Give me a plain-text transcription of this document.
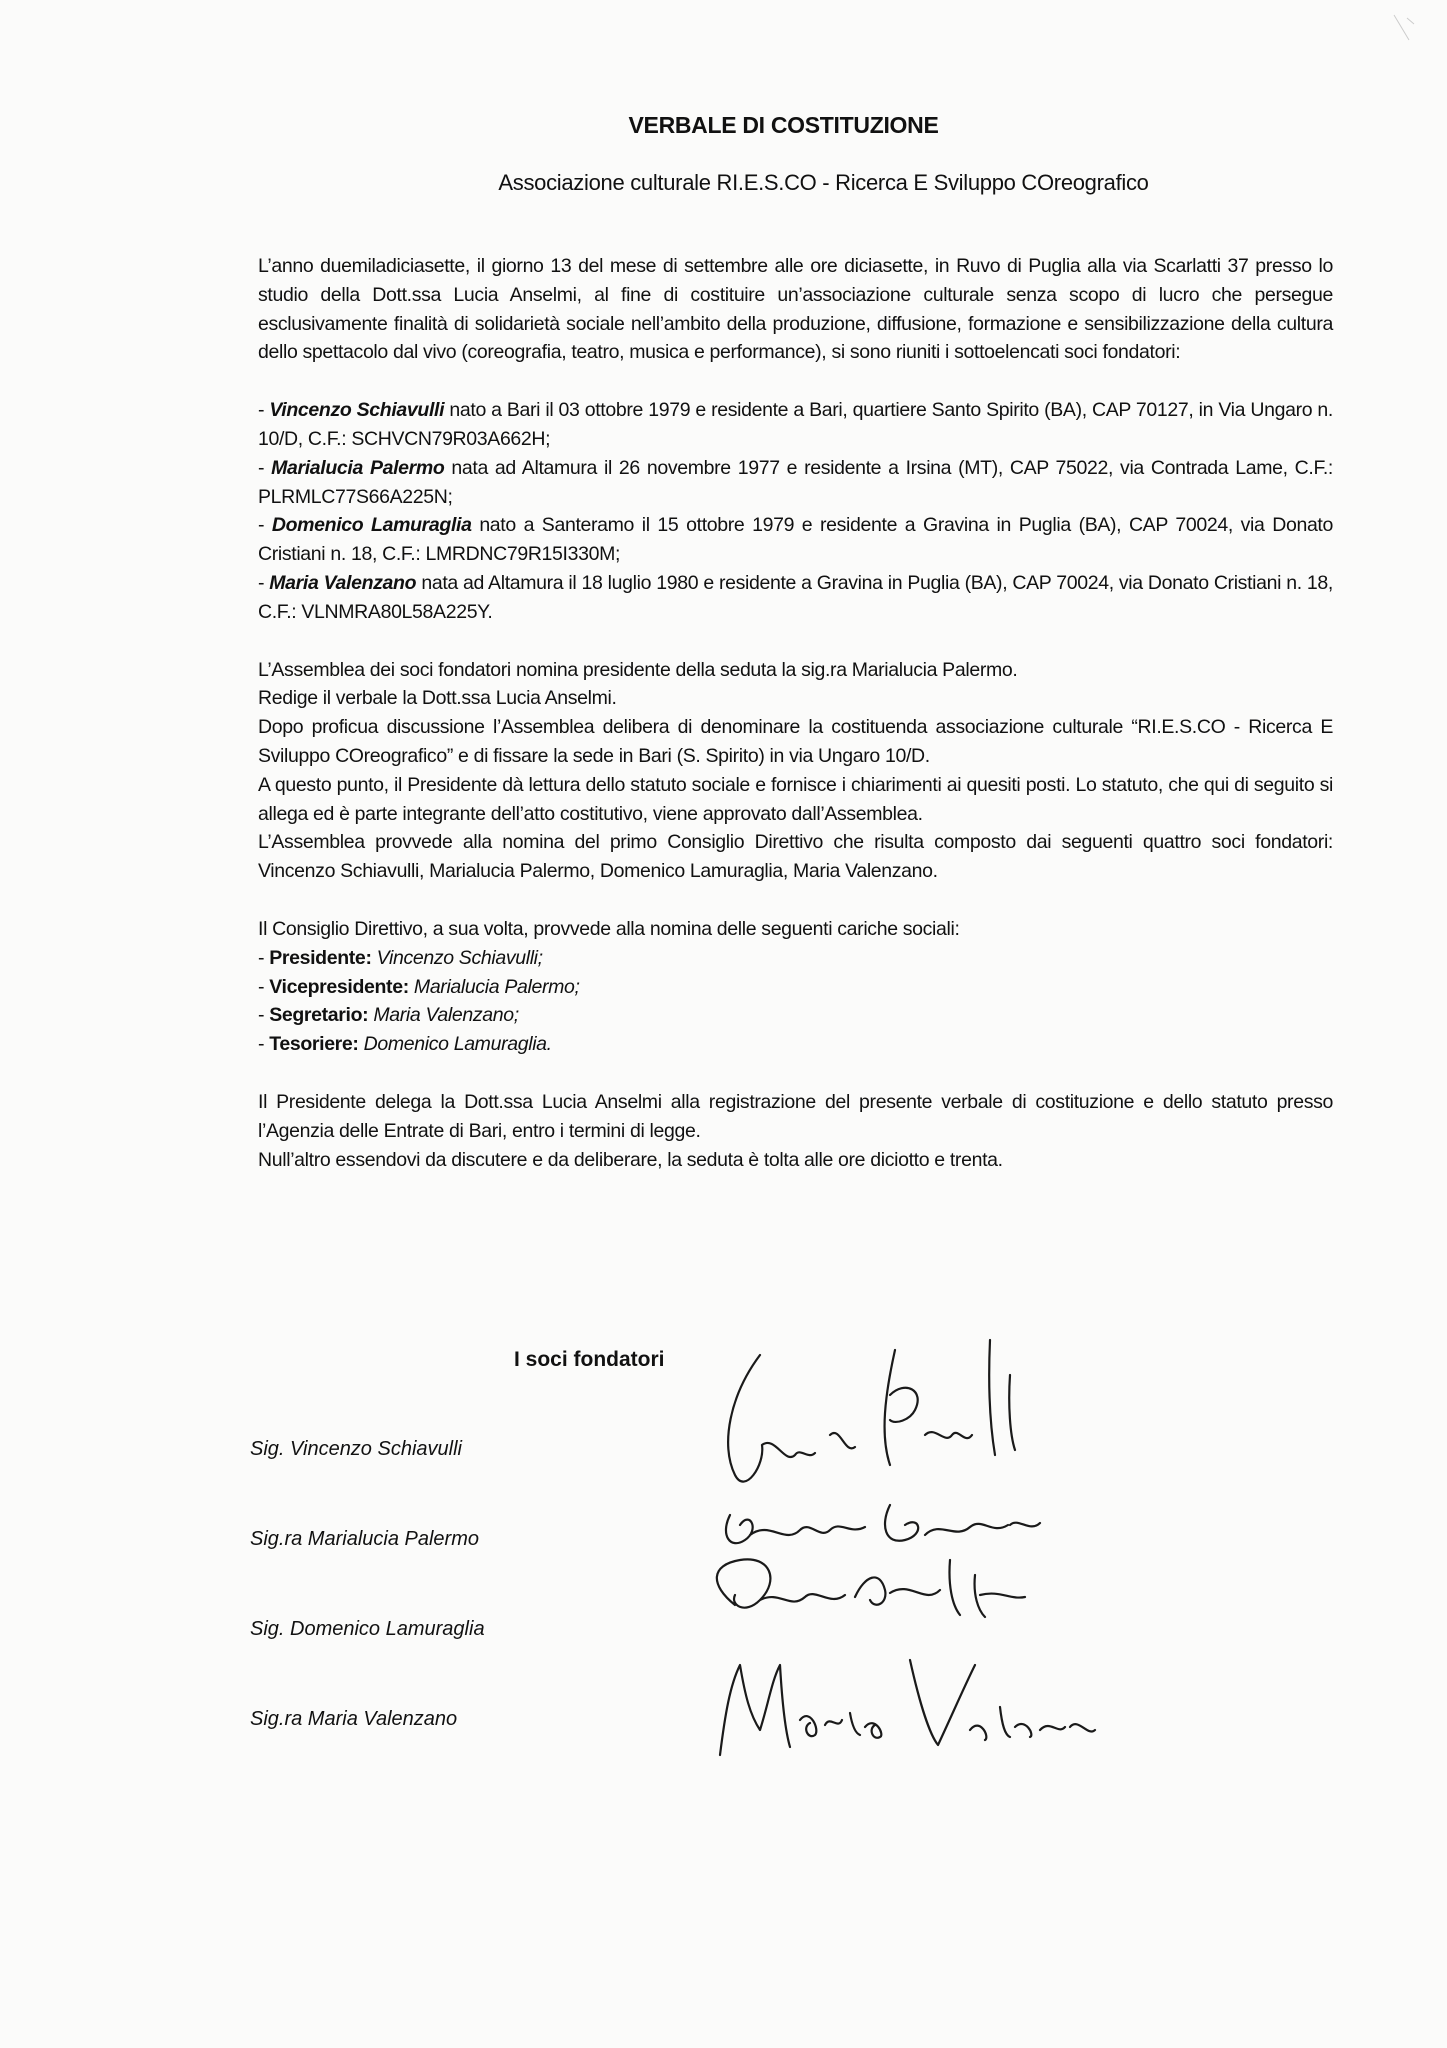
VERBALE DI COSTITUZIONE
Associazione culturale RI.E.S.CO - Ricerca E Sviluppo COreografico

L’anno duemiladiciasette, il giorno 13 del mese di settembre alle ore diciasette, in Ruvo di Puglia alla via Scarlatti 37 presso lo studio della Dott.ssa Lucia Anselmi, al fine di costituire un’associazione culturale senza scopo di lucro che persegue esclusivamente finalità di solidarietà sociale nell’ambito della produzione, diffusione, formazione e sensibilizzazione della cultura dello spettacolo dal vivo (coreografia, teatro, musica e performance), si sono riuniti i sottoelencati soci fondatori:

- Vincenzo Schiavulli nato a Bari il 03 ottobre 1979 e residente a Bari, quartiere Santo Spirito (BA), CAP 70127, in Via Ungaro n. 10/D, C.F.: SCHVCN79R03A662H;

- Marialucia Palermo nata ad Altamura il 26 novembre 1977 e residente a Irsina (MT), CAP 75022, via Contrada Lame, C.F.: PLRMLC77S66A225N;

- Domenico Lamuraglia nato a Santeramo il 15 ottobre 1979 e residente a Gravina in Puglia (BA), CAP 70024, via Donato Cristiani n. 18, C.F.: LMRDNC79R15I330M;

- Maria Valenzano nata ad Altamura il 18 luglio 1980 e residente a Gravina in Puglia (BA), CAP 70024, via Donato Cristiani n. 18, C.F.: VLNMRA80L58A225Y.

L’Assemblea dei soci fondatori nomina presidente della seduta la sig.ra Marialucia Palermo.

Redige il verbale la Dott.ssa Lucia Anselmi.

Dopo proficua discussione l’Assemblea delibera di denominare la costituenda associazione culturale “RI.E.S.CO - Ricerca E Sviluppo COreografico” e di fissare la sede in Bari (S. Spirito) in via Ungaro 10/D.

A questo punto, il Presidente dà lettura dello statuto sociale e fornisce i chiarimenti ai quesiti posti. Lo statuto, che qui di seguito si allega ed è parte integrante dell’atto costitutivo, viene approvato dall’Assemblea.

L’Assemblea provvede alla nomina del primo Consiglio Direttivo che risulta composto dai seguenti quattro soci fondatori: Vincenzo Schiavulli, Marialucia Palermo, Domenico Lamuraglia, Maria Valenzano.

Il Consiglio Direttivo, a sua volta, provvede alla nomina delle seguenti cariche sociali:

- Presidente: Vincenzo Schiavulli;

- Vicepresidente: Marialucia Palermo;

- Segretario: Maria Valenzano;

- Tesoriere: Domenico Lamuraglia.

Il Presidente delega la Dott.ssa Lucia Anselmi alla registrazione del presente verbale di costituzione e dello statuto presso l’Agenzia delle Entrate di Bari, entro i termini di legge.

Null’altro essendovi da discutere e da deliberare, la seduta è tolta alle ore diciotto e trenta.

I soci fondatori
Sig. Vincenzo Schiavulli
Sig.ra Marialucia Palermo
Sig. Domenico Lamuraglia
Sig.ra Maria Valenzano
